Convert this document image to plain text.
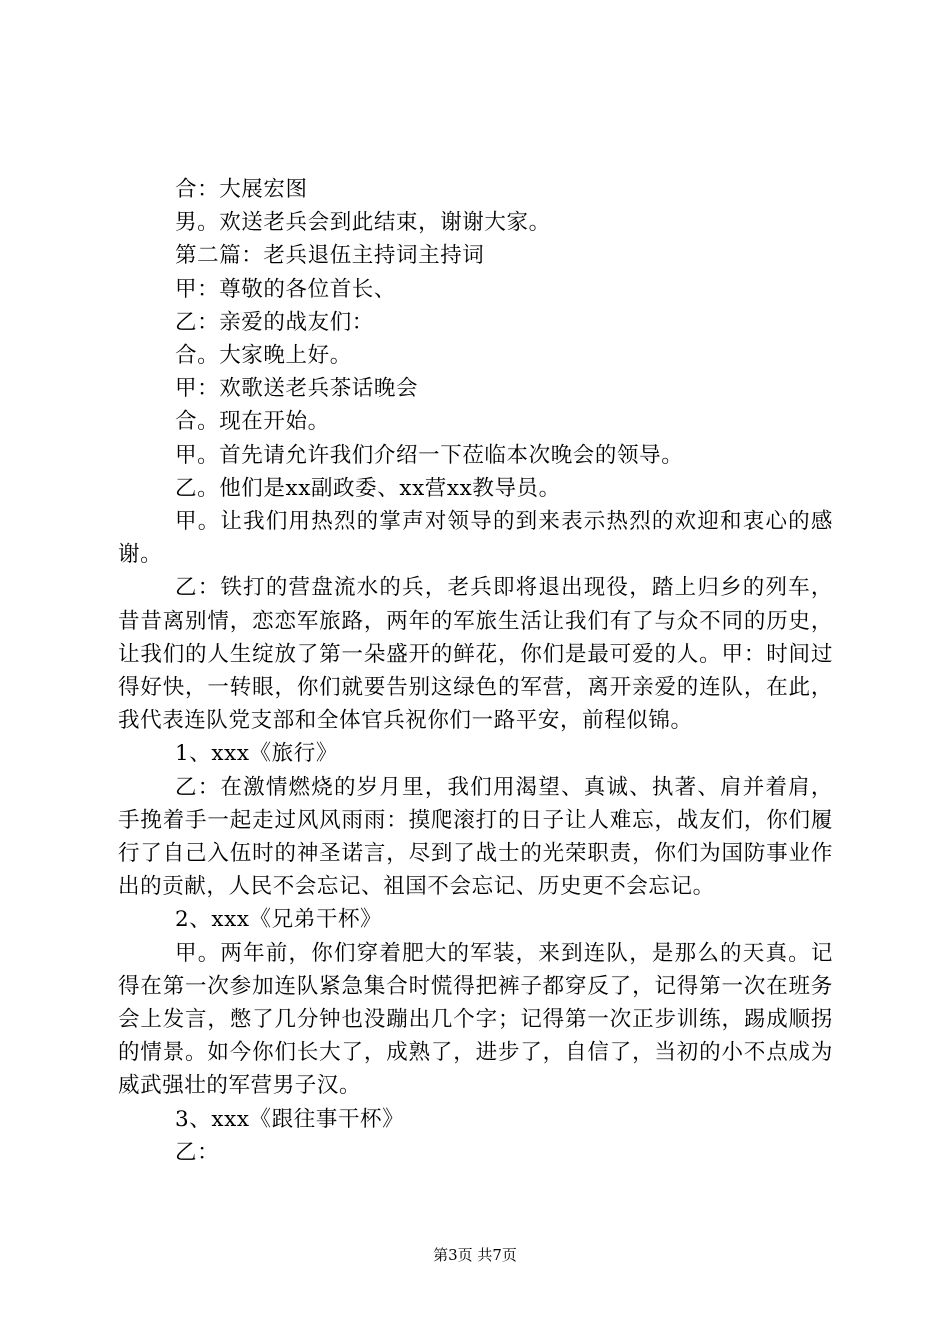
合：大展宏图
男。欢送老兵会到此结束，谢谢大家。
第二篇：老兵退伍主持词主持词
甲：尊敬的各位首长、
乙：亲爱的战友们：
合。大家晚上好。
甲：欢歌送老兵茶话晚会
合。现在开始。
甲。首先请允许我们介绍一下莅临本次晚会的领导。
乙。他们是xx副政委、xx营xx教导员。
甲。让我们用热烈的掌声对领导的到来表示热烈的欢迎和衷心的感谢。
乙：铁打的营盘流水的兵，老兵即将退出现役，踏上归乡的列车，昔昔离别情，恋恋军旅路，两年的军旅生活让我们有了与众不同的历史，让我们的人生绽放了第一朵盛开的鲜花，你们是最可爱的人。甲：时间过得好快，一转眼，你们就要告别这绿色的军营，离开亲爱的连队，在此，我代表连队党支部和全体官兵祝你们一路平安，前程似锦。
1、xxx《旅行》
乙：在激情燃烧的岁月里，我们用渴望、真诚、执著、肩并着肩，手挽着手一起走过风风雨雨：摸爬滚打的日子让人难忘，战友们，你们履行了自己入伍时的神圣诺言，尽到了战士的光荣职责，你们为国防事业作出的贡献，人民不会忘记、祖国不会忘记、历史更不会忘记。
2、xxx《兄弟干杯》
甲。两年前，你们穿着肥大的军装，来到连队，是那么的天真。记得在第一次参加连队紧急集合时慌得把裤子都穿反了，记得第一次在班务会上发言，憋了几分钟也没蹦出几个字；记得第一次正步训练，踢成顺拐的情景。如今你们长大了，成熟了，进步了，自信了，当初的小不点成为威武强壮的军营男子汉。
3、xxx《跟往事干杯》
乙：
第3页 共7页
